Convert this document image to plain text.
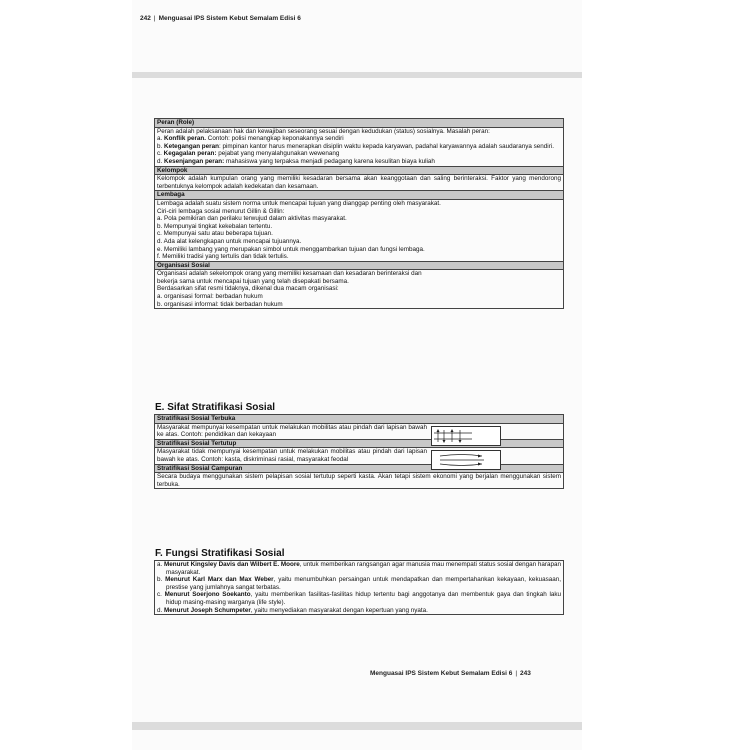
242 | Menguasai IPS Sistem Kebut Semalam Edisi 6
Peran (Role)
Peran adalah pelaksanaan hak dan kewajiban seseorang sesuai dengan kedudukan (status) sosialnya. Masalah peran:
a. Konflik peran. Contoh: polisi menangkap keponakannya sendiri
b. Ketegangan peran: pimpinan kantor harus menerapkan disiplin waktu kepada karyawan, padahal karyawannya adalah saudaranya sendiri.
c. Kegagalan peran: pejabat yang menyalahgunakan wewenang
d. Kesenjangan peran: mahasiswa yang terpaksa menjadi pedagang karena kesulitan biaya kuliah
Kelompok
Kelompok adalah kumpulan orang yang memiliki kesadaran bersama akan keanggotaan dan saling berinteraksi. Faktor yang mendorong terbentuknya kelompok adalah kedekatan dan kesamaan.
Lembaga
Lembaga adalah suatu sistem norma untuk mencapai tujuan yang dianggap penting oleh masyarakat.
Ciri-ciri lembaga sosial menurut Gillin & Gillin:
a. Pola pemikiran dan perilaku terwujud dalam aktivitas masyarakat.
b. Mempunyai tingkat kekebalan tertentu.
c. Mempunyai satu atau beberapa tujuan.
d. Ada alat kelengkapan untuk mencapai tujuannya.
e. Memiliki lambang yang merupakan simbol untuk menggambarkan tujuan dan fungsi lembaga.
f. Memiliki tradisi yang tertulis dan tidak tertulis.
Organisasi Sosial
Organisasi adalah sekelompok orang yang memiliki kesamaan dan kesadaran berinteraksi dan bekerja sama untuk mencapai tujuan yang telah disepakati bersama.
Berdasarkan sifat resmi tidaknya, dikenal dua macam organisasi:
a. organisasi formal: berbadan hukum
b. organisasi informal: tidak berbadan hukum
E. Sifat Stratifikasi Sosial
Stratifikasi Sosial Terbuka
Masyarakat mempunyai kesempatan untuk melakukan mobilitas atau pindah dari lapisan bawah ke atas. Contoh: pendidikan dan kekayaan
Stratifikasi Sosial Tertutup
Masyarakat tidak mempunyai kesempatan untuk melakukan mobilitas atau pindah dari lapisan bawah ke atas. Contoh: kasta, diskriminasi rasial, masyarakat feodal
Stratifikasi Sosial Campuran
Secara budaya menggunakan sistem pelapisan sosial tertutup seperti kasta. Akan tetapi sistem ekonomi yang berjalan menggunakan sistem terbuka.
F. Fungsi Stratifikasi Sosial
a. Menurut Kingsley Davis dan Wilbert E. Moore, untuk memberikan rangsangan agar manusia mau menempati status sosial dengan harapan masyarakat.
b. Menurut Karl Marx dan Max Weber, yaitu menumbuhkan persaingan untuk mendapatkan dan mempertahankan kekayaan, kekuasaan, prestise yang jumlahnya sangat terbatas.
c. Menurut Soerjono Soekanto, yaitu memberikan fasilitas-fasilitas hidup tertentu bagi anggotanya dan membentuk gaya dan tingkah laku hidup masing-masing warganya (life style).
d. Menurut Joseph Schumpeter, yaitu menyediakan masyarakat dengan kepertuan yang nyata.
Menguasai IPS Sistem Kebut Semalam Edisi 6 | 243
